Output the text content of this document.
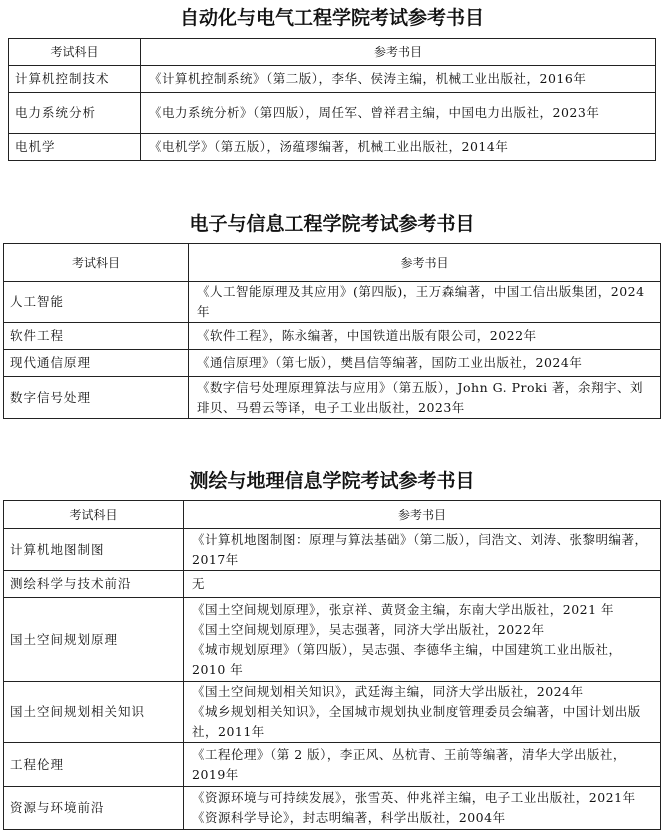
自动化与电气工程学院考试参考书目
考试科目	参考书目
计算机控制技术	《计算机控制系统》（第二版），李华、侯涛主编，机械工业出版社，2016年

电力系统分析	《电力系统分析》（第四版），周任军、曾祥君主编，中国电力出版社，2023年

电机学	《电机学》（第五版），汤蕴璆编著，机械工业出版社，2014年
电子与信息工程学院考试参考书目
考试科目	参考书目
人工智能	《人工智能原理及其应用》(第四版)，王万森编著，中国工信出版集团，2024年

软件工程	《软件工程》，陈永编著，中国铁道出版有限公司，2022年

现代通信原理	《通信原理》（第七版），樊昌信等编著，国防工业出版社，2024年

数字信号处理	《数字信号处理原理算法与应用》（第五版），John G. Proki 著，余翔宇、刘琲贝、马碧云等译，电子工业出版社，2023年
测绘与地理信息学院考试参考书目
考试科目	参考书目
计算机地图制图	《计算机地图制图：原理与算法基础》（第二版），闫浩文、刘涛、张黎明编著，2017年

测绘科学与技术前沿	无

国土空间规划原理	《国土空间规划原理》，张京祥、黄贤金主编，东南大学出版社，2021 年
《国土空间规划原理》，吴志强著，同济大学出版社，2022年
《城市规划原理》（第四版），吴志强、李德华主编，中国建筑工业出版社，2010 年

国土空间规划相关知识	《国土空间规划相关知识》，武廷海主编，同济大学出版社，2024年
《城乡规划相关知识》，全国城市规划执业制度管理委员会编著，中国计划出版社，2011年

工程伦理	《工程伦理》（第 2 版），李正风、丛杭青、王前等编著，清华大学出版社，2019年

资源与环境前沿	《资源环境与可持续发展》，张雪英、仲兆祥主编，电子工业出版社，2021年
《资源科学导论》，封志明编著，科学出版社，2004年
